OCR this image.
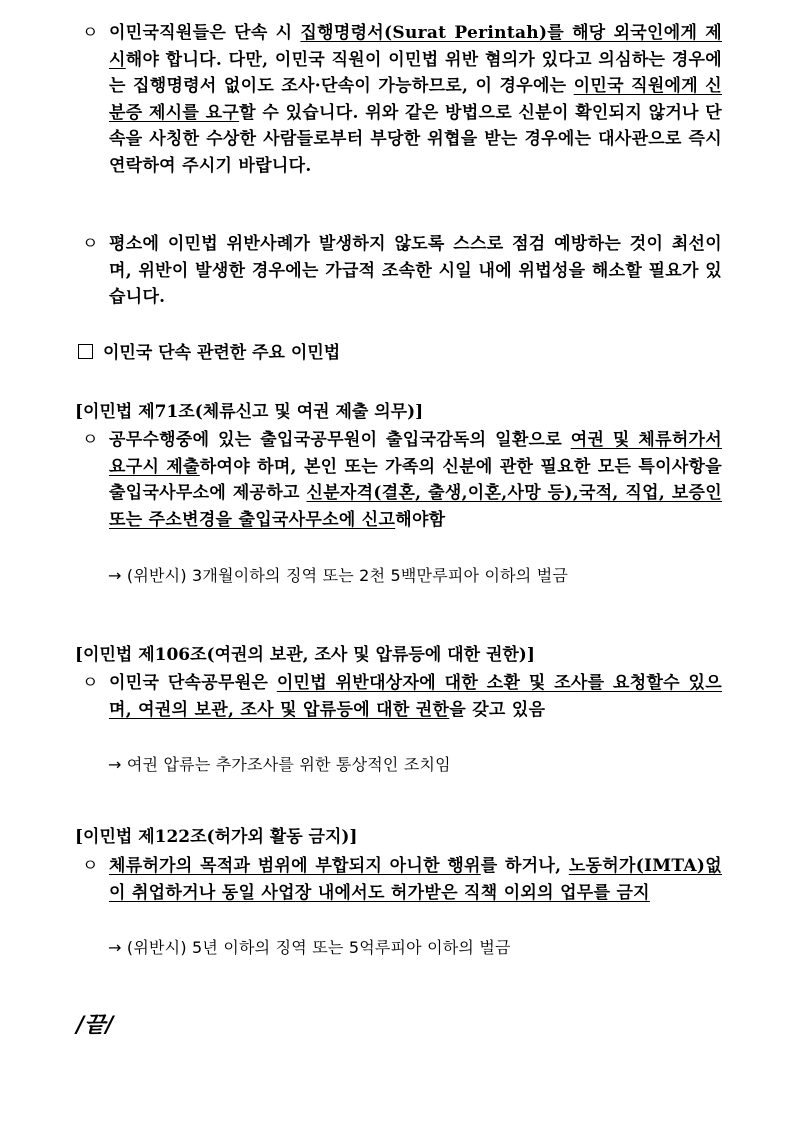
ㅇ 이민국직원들은 단속 시 집행명령서(Surat Perintah)를 해당 외국인에게 제시해야 합니다. 다만, 이민국 직원이 이민법 위반 혐의가 있다고 의심하는 경우에는 집행명령서 없이도 조사·단속이 가능하므로, 이 경우에는 이민국 직원에게 신분증 제시를 요구할 수 있습니다. 위와 같은 방법으로 신분이 확인되지 않거나 단속을 사칭한 수상한 사람들로부터 부당한 위협을 받는 경우에는 대사관으로 즉시 연락하여 주시기 바랍니다.
ㅇ 평소에 이민법 위반사례가 발생하지 않도록 스스로 점검 예방하는 것이 최선이며, 위반이 발생한 경우에는 가급적 조속한 시일 내에 위법성을 해소할 필요가 있습니다.
이민국 단속 관련한 주요 이민법
[이민법 제71조(체류신고 및 여권 제출 의무)]
ㅇ 공무수행중에 있는 출입국공무원이 출입국감독의 일환으로 여권 및 체류허가서 요구시 제출하여야 하며, 본인 또는 가족의 신분에 관한 필요한 모든 특이사항을 출입국사무소에 제공하고 신분자격(결혼, 출생,이혼,사망 등),국적, 직업, 보증인 또는 주소변경을 출입국사무소에 신고해야함
→ (위반시) 3개월이하의 징역 또는 2천 5백만루피아 이하의 벌금
[이민법 제106조(여권의 보관, 조사 및 압류등에 대한 권한)]
ㅇ 이민국 단속공무원은 이민법 위반대상자에 대한 소환 및 조사를 요청할수 있으며, 여권의 보관, 조사 및 압류등에 대한 권한을 갖고 있음
→ 여권 압류는 추가조사를 위한 통상적인 조치임
[이민법 제122조(허가외 활동 금지)]
ㅇ 체류허가의 목적과 범위에 부합되지 아니한 행위를 하거나, 노동허가(IMTA)없이 취업하거나 동일 사업장 내에서도 허가받은 직책 이외의 업무를 금지
→ (위반시) 5년 이하의 징역 또는 5억루피아 이하의 벌금
/끝/
